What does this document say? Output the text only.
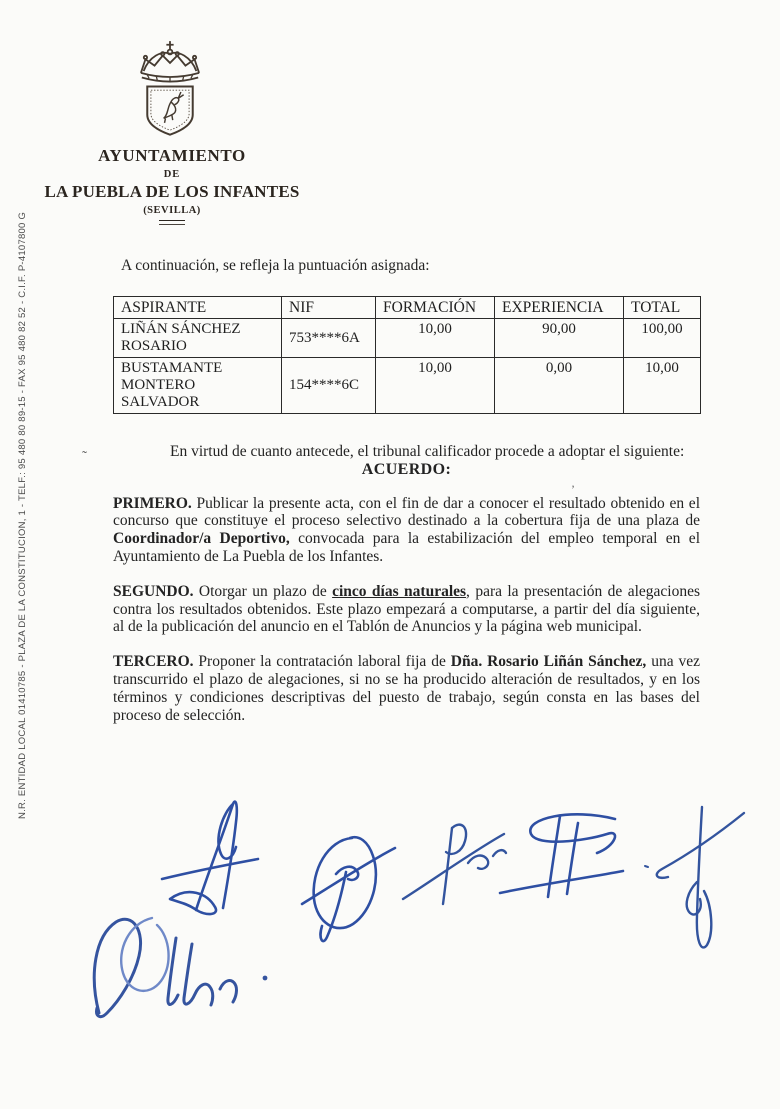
N.R. ENTIDAD LOCAL 01410785 - PLAZA DE LA CONSTITUCION, 1 - TELF.: 95 480 80 89-15 - FAX 95 480 82 52 - C.I.F. P-4107800 G
AYUNTAMIENTO
DE
LA PUEBLA DE LOS INFANTES
(SEVILLA)
A continuación, se refleja la puntuación asignada:
ASPIRANTE	NIF	FORMACIÓN	EXPERIENCIA	TOTAL
LIÑÁN SÁNCHEZ ROSARIO	753****6A	10,00	90,00	100,00
BUSTAMANTE MONTERO SALVADOR	154****6C	10,00	0,00	10,00
˜
’

En virtud de cuanto antecede, el tribunal calificador procede a adoptar el siguiente:

ACUERDO:

PRIMERO. Publicar la presente acta, con el fin de dar a conocer el resultado obtenido en el concurso que constituye el proceso selectivo destinado a la cobertura fija de una plaza de Coordinador/a Deportivo, convocada para la estabilización del empleo temporal en el Ayuntamiento de La Puebla de los Infantes.

SEGUNDO. Otorgar un plazo de cinco días naturales, para la presentación de alegaciones contra los resultados obtenidos. Este plazo empezará a computarse, a partir del día siguiente, al de la publicación del anuncio en el Tablón de Anuncios y la página web municipal.

TERCERO. Proponer la contratación laboral fija de Dña. Rosario Liñán Sánchez, una vez transcurrido el plazo de alegaciones, si no se ha producido alteración de resultados, y en los términos y condiciones descriptivas del puesto de trabajo, según consta en las bases del proceso de selección.
